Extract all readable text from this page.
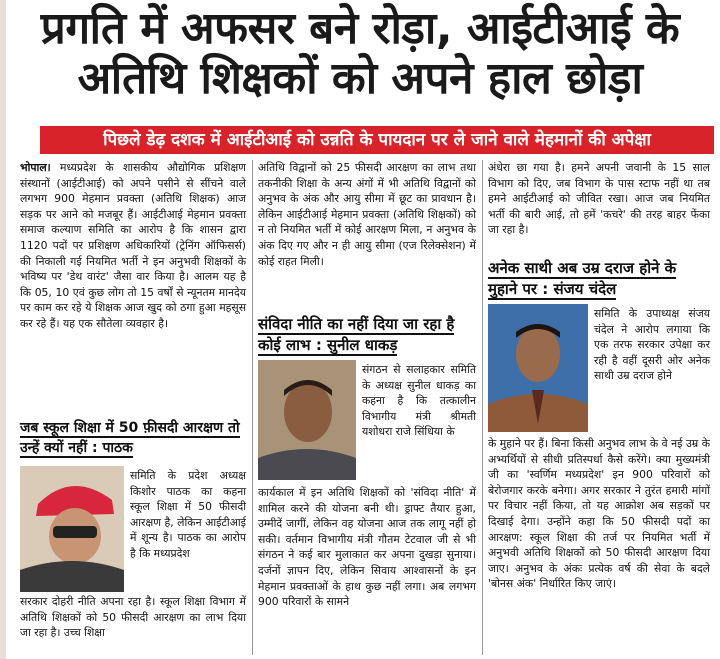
प्रगति में अफसर बने रोड़ा, आईटीआई के
अतिथि शिक्षकों को अपने हाल छोड़ा
पिछले डेढ़ दशक में आईटीआई को उन्नति के पायदान पर ले जाने वाले मेहमानों की अपेक्षा
भोपाल। मध्यप्रदेश के शासकीय औद्योगिक प्रशिक्षण संस्थानों (आईटीआई) को अपने पसीने से सींचने वाले लगभग 900 मेहमान प्रवक्ता (अतिथि शिक्षक) आज सड़क पर आने को मजबूर हैं। आईटीआई मेहमान प्रवक्ता समाज कल्याण समिति का आरोप है कि शासन द्वारा 1120 पदों पर प्रशिक्षण अधिकारियों (ट्रेनिंग ऑफिसर्स) की निकाली गई नियमित भर्ती ने इन अनुभवी शिक्षकों के भविष्य पर 'डेथ वारंट' जैसा वार किया है। आलम यह है कि 05, 10 एवं कुछ लोग तो 15 वर्षों से न्यूनतम मानदेय पर काम कर रहे ये शिक्षक आज खुद को ठगा हुआ महसूस कर रहे हैं। यह एक सौतेला व्यवहार है।
जब स्कूल शिक्षा में 50 फ़ीसदी आरक्षण तो उन्हें क्यों नहीं : पाठक
समिति के प्रदेश अध्यक्ष किशोर पाठक का कहना स्कूल शिक्षा में 50 फीसदी आरक्षण है, लेकिन आईटीआई में शून्य है। पाठक का आरोप है कि मध्यप्रदेश
सरकार दोहरी नीति अपना रहा है। स्कूल शिक्षा विभाग में अतिथि शिक्षकों को 50 फीसदी आरक्षण का लाभ दिया जा रहा है। उच्च शिक्षा
अतिथि विद्वानों को 25 फीसदी आरक्षण का लाभ तथा तकनीकी शिक्षा के अन्य अंगों में भी अतिथि विद्वानों को अनुभव के अंक और आयु सीमा में छूट का प्रावधान है। लेकिन आईटीआई मेहमान प्रवक्ता (अतिथि शिक्षकों) को न तो नियमित भर्ती में कोई आरक्षण मिला, न अनुभव के अंक दिए गए और न ही आयु सीमा (एज रिलेक्सेशन) में कोई राहत मिली।
संविदा नीति का नहीं दिया जा रहा है कोई लाभ : सुनील धाकड़
संगठन से सलाहकार समिति के अध्यक्ष सुनील धाकड़ का कहना है कि तत्कालीन विभागीय मंत्री श्रीमती यशोधरा राजे सिंधिया के
कार्यकाल में इन अतिथि शिक्षकों को 'संविदा नीति' में शामिल करने की योजना बनी थी। ड्राफ्ट तैयार हुआ, उम्मीदें जागीं, लेकिन वह योजना आज तक लागू नहीं हो सकी। वर्तमान विभागीय मंत्री गौतम टेटवाल जी से भी संगठन ने कई बार मुलाकात कर अपना दुखड़ा सुनाया। दर्जनों ज्ञापन दिए, लेकिन सिवाय आश्वासनों के इन मेहमान प्रवक्ताओं के हाथ कुछ नहीं लगा। अब लगभग 900 परिवारों के सामने
अंधेरा छा गया है। हमने अपनी जवानी के 15 साल विभाग को दिए, जब विभाग के पास स्टाफ नहीं था तब हमने आईटीआई को जीवित रखा। आज जब नियमित भर्ती की बारी आई, तो हमें 'कचरे' की तरह बाहर फेंका जा रहा है।
अनेक साथी अब उम्र दराज होने के मुहाने पर : संजय चंदेल
समिति के उपाध्यक्ष संजय चंदेल ने आरोप लगाया कि एक तरफ सरकार उपेक्षा कर रही है वहीं दूसरी ओर अनेक साथी उम्र दराज होने
के मुहाने पर हैं। बिना किसी अनुभव लाभ के वे नई उम्र के अभ्यर्थियों से सीधी प्रतिस्पर्धा कैसे करेंगे। क्या मुख्यमंत्री जी का 'स्वर्णिम मध्यप्रदेश' इन 900 परिवारों को बेरोजगार करके बनेगा। अगर सरकार ने तुरंत हमारी मांगों पर विचार नहीं किया, तो यह आक्रोश अब सड़कों पर दिखाई देगा। उन्होंने कहा कि 50 फीसदी पदों का आरक्षण: स्कूल शिक्षा की तर्ज पर नियमित भर्ती में अनुभवी अतिथि शिक्षकों को 50 फीसदी आरक्षण दिया जाए। अनुभव के अंकः प्रत्येक वर्ष की सेवा के बदले 'बोनस अंक' निर्धारित किए जाएं।
